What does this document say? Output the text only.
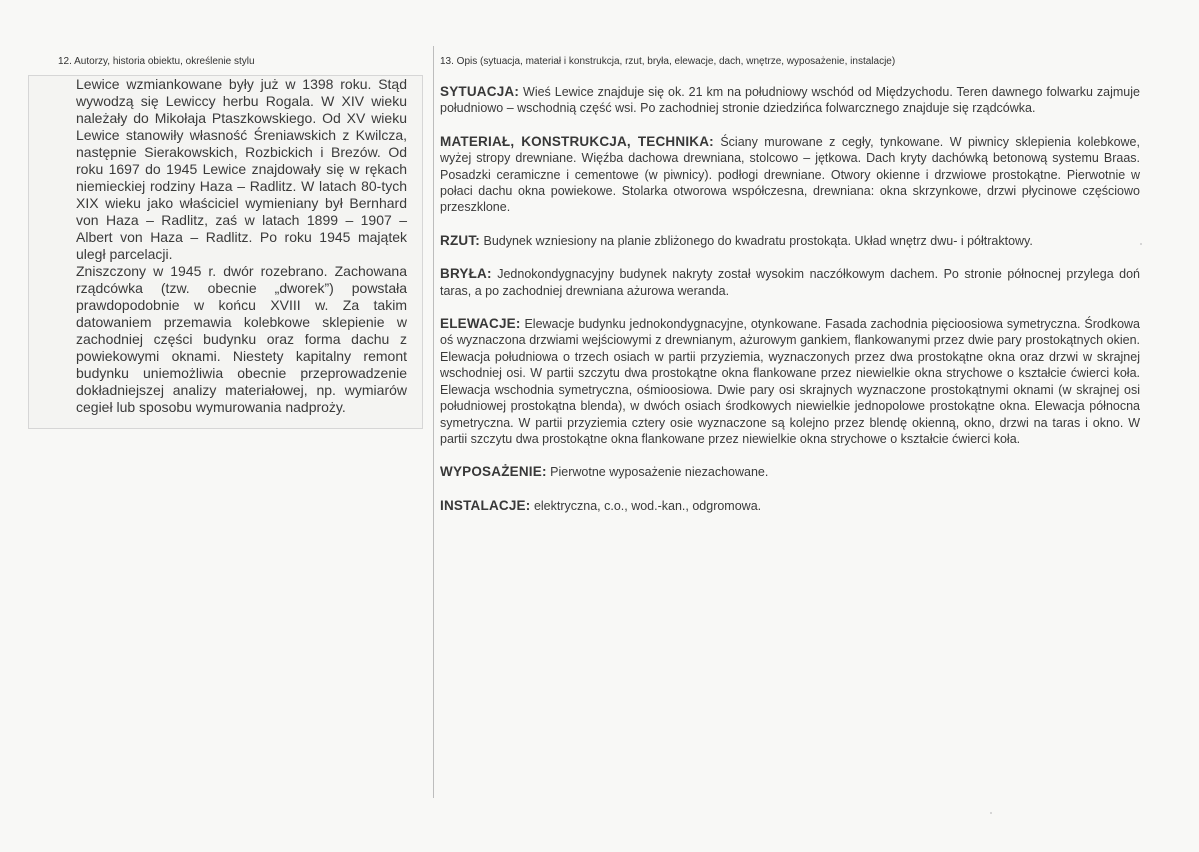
12. Autorzy, historia obiektu, określenie stylu	13. Opis (sytuacja, materiał i konstrukcja, rzut, bryła, elewacje, dach, wnętrze, wyposażenie, instalacje)

Lewice wzmiankowane były już w 1398 roku. Stąd wywodzą się Lewiccy herbu Rogala. W XIV wieku należały do Mikołaja Ptaszkowskiego. Od XV wieku Lewice stanowiły własność Śreniawskich z Kwilcza, następnie Sierakowskich, Rozbickich i Brezów. Od roku 1697 do 1945 Lewice znajdowały się w rękach niemieckiej rodziny Haza – Radlitz. W latach 80-tych XIX wieku jako właściciel wymieniany był Bernhard von Haza – Radlitz, zaś w latach 1899 – 1907 – Albert von Haza – Radlitz. Po roku 1945 majątek uległ parcelacji.

Zniszczony w 1945 r. dwór rozebrano. Zachowana rządcówka (tzw. obecnie „dworek”) powstała prawdopodobnie w końcu XVIII w. Za takim datowaniem przemawia kolebkowe sklepienie w zachodniej części budynku oraz forma dachu z powiekowymi oknami. Niestety kapitalny remont budynku uniemożliwia obecnie przeprowadzenie dokładniejszej analizy materiałowej, np. wymiarów cegieł lub sposobu wymurowania nadproży.

SYTUACJA: Wieś Lewice znajduje się ok. 21 km na południowy wschód od Międzychodu. Teren dawnego folwarku zajmuje południowo – wschodnią część wsi. Po zachodniej stronie dziedzińca folwarcznego znajduje się rządcówka.

MATERIAŁ, KONSTRUKCJA, TECHNIKA: Ściany murowane z cegły, tynkowane. W piwnicy sklepienia kolebkowe, wyżej stropy drewniane. Więźba dachowa drewniana, stolcowo – jętkowa. Dach kryty dachówką betonową systemu Braas. Posadzki ceramiczne i cementowe (w piwnicy). podłogi drewniane. Otwory okienne i drzwiowe prostokątne. Pierwotnie w połaci dachu okna powiekowe. Stolarka otworowa współczesna, drewniana: okna skrzynkowe, drzwi płycinowe częściowo przeszklone.

RZUT: Budynek wzniesiony na planie zbliżonego do kwadratu prostokąta. Układ wnętrz dwu- i półtraktowy.

BRYŁA: Jednokondygnacyjny budynek nakryty został wysokim naczółkowym dachem. Po stronie północnej przylega doń taras, a po zachodniej drewniana ażurowa weranda.

ELEWACJE: Elewacje budynku jednokondygnacyjne, otynkowane. Fasada zachodnia pięcioosiowa symetryczna. Środkowa oś wyznaczona drzwiami wejściowymi z drewnianym, ażurowym gankiem, flankowanymi przez dwie pary prostokątnych okien. Elewacja południowa o trzech osiach w partii przyziemia, wyznaczonych przez dwa prostokątne okna oraz drzwi w skrajnej wschodniej osi. W partii szczytu dwa prostokątne okna flankowane przez niewielkie okna strychowe o kształcie ćwierci koła. Elewacja wschodnia symetryczna, ośmioosiowa. Dwie pary osi skrajnych wyznaczone prostokątnymi oknami (w skrajnej osi południowej prostokątna blenda), w dwóch osiach środkowych niewielkie jednopolowe prostokątne okna. Elewacja północna symetryczna. W partii przyziemia cztery osie wyznaczone są kolejno przez blendę okienną, okno, drzwi na taras i okno. W partii szczytu dwa prostokątne okna flankowane przez niewielkie okna strychowe o kształcie ćwierci koła.

WYPOSAŻENIE: Pierwotne wyposażenie niezachowane.

INSTALACJE: elektryczna, c.o., wod.-kan., odgromowa.
